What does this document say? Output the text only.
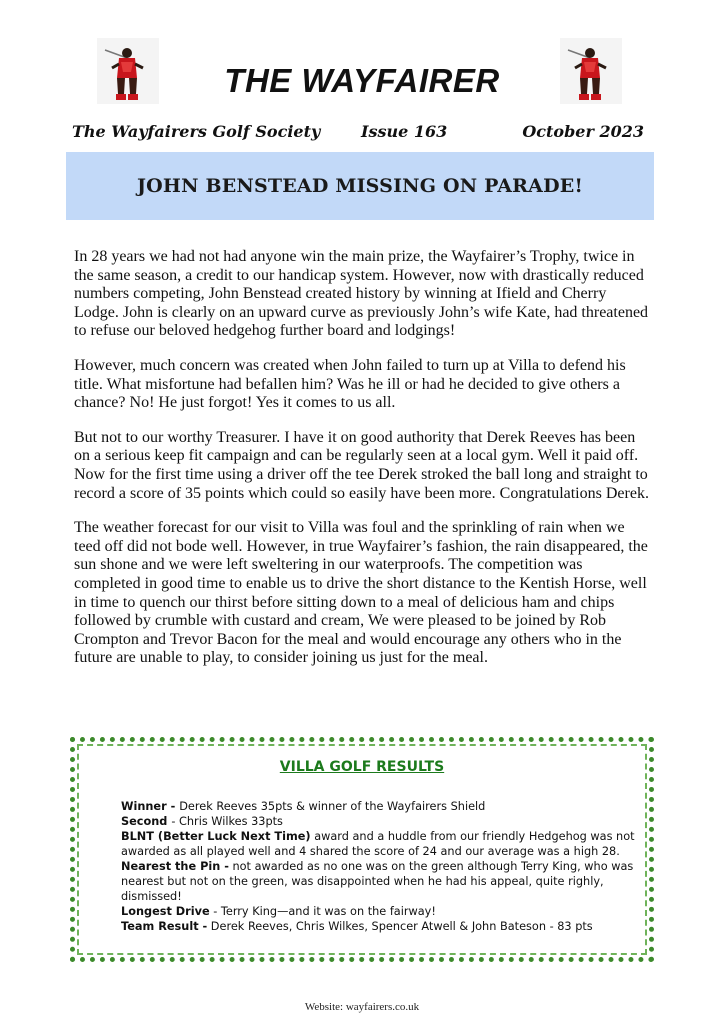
THE WAYFAIRER
The Wayfairers Golf Society	Issue 163	October 2023
JOHN BENSTEAD MISSING ON PARADE!

In 28 years we had not had anyone win the main prize, the Wayfairer’s Trophy, twice in the same season, a credit to our handicap system. However, now with drastically reduced numbers competing, John Benstead created history by winning at Ifield and Cherry Lodge. John is clearly on an upward curve as previously John’s wife Kate, had threatened to refuse our beloved hedgehog further board and lodgings!

However, much concern was created when John failed to turn up at Villa to defend his title. What misfortune had befallen him? Was he ill or had he decided to give others a chance? No! He just forgot! Yes it comes to us all.

But not to our worthy Treasurer. I have it on good authority that Derek Reeves has been on a serious keep fit campaign and can be regularly seen at a local gym. Well it paid off. Now for the first time using a driver off the tee Derek stroked the ball long and straight to record a score of 35 points which could so easily have been more. Congratulations Derek.

The weather forecast for our visit to Villa was foul and the sprinkling of rain when we teed off did not bode well. However, in true Wayfairer’s fashion, the rain disappeared, the sun shone and we were left sweltering in our waterproofs. The competition was completed in good time to enable us to drive the short distance to the Kentish Horse, well in time to quench our thirst before sitting down to a meal of delicious ham and chips followed by crumble with custard and cream, We were pleased to be joined by Rob Crompton and Trevor Bacon for the meal and would encourage any others who in the future are unable to play, to consider joining us just for the meal.

VILLA GOLF RESULTS
Winner - Derek Reeves 35pts & winner of the Wayfairers Shield
Second - Chris Wilkes 33pts
BLNT (Better Luck Next Time) award and a huddle from our friendly Hedgehog was not awarded as all played well and 4 shared the score of 24 and our average was a high 28.
Nearest the Pin - not awarded as no one was on the green although Terry King, who was nearest but not on the green, was disappointed when he had his appeal, quite righly, dismissed!
Longest Drive - Terry King—and it was on the fairway!
Team Result - Derek Reeves, Chris Wilkes, Spencer Atwell & John Bateson - 83 pts
Website: wayfairers.co.uk
